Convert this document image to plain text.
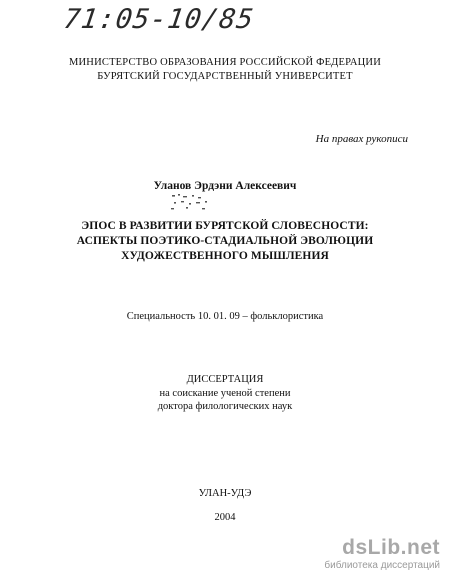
71:05-10/85
МИНИСТЕРСТВО ОБРАЗОВАНИЯ РОССИЙСКОЙ ФЕДЕРАЦИИ
БУРЯТСКИЙ ГОСУДАРСТВЕННЫЙ УНИВЕРСИТЕТ
На правах рукописи
Уланов Эрдэни Алексеевич
ЭПОС В РАЗВИТИИ БУРЯТСКОЙ СЛОВЕСНОСТИ:
АСПЕКТЫ ПОЭТИКО-СТАДИАЛЬНОЙ ЭВОЛЮЦИИ
ХУДОЖЕСТВЕННОГО МЫШЛЕНИЯ
Специальность 10. 01. 09 – фольклористика
ДИССЕРТАЦИЯ
на соискание ученой степени
доктора филологических наук
УЛАН-УДЭ
2004
dsLib.net
библиотека диссертаций
